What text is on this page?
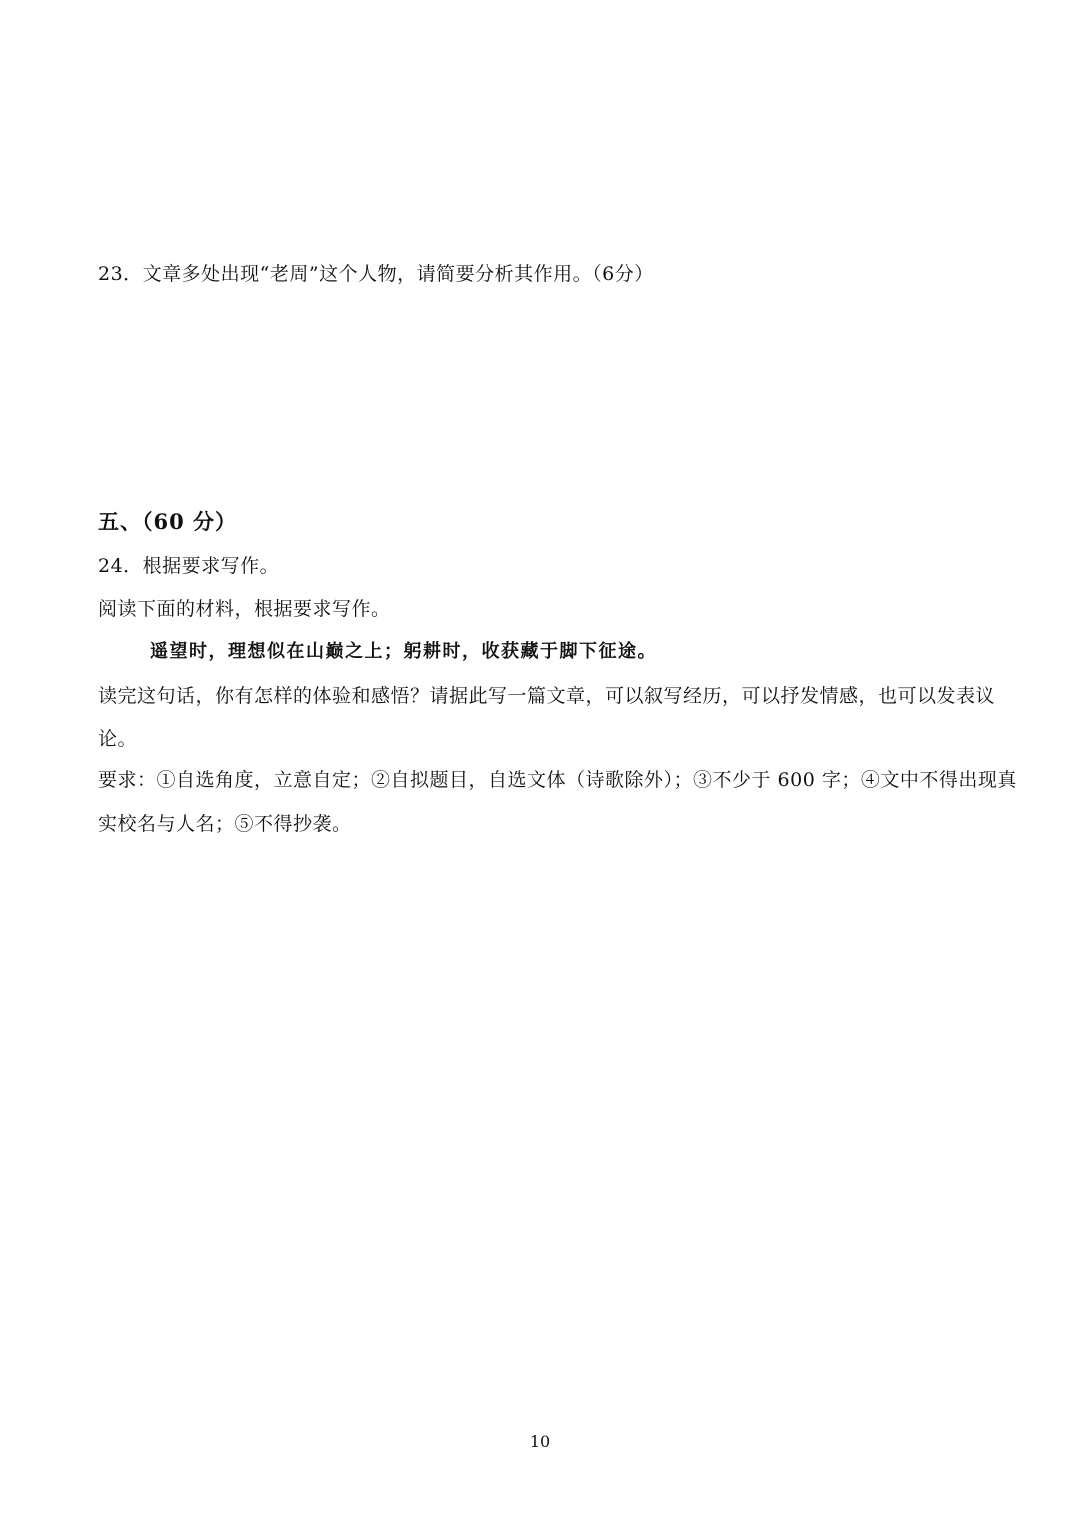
23．文章多处出现“老周”这个人物，请简要分析其作用。（6分）
五、（60 分）
24．根据要求写作。
阅读下面的材料，根据要求写作。
遥望时，理想似在山巅之上；躬耕时，收获藏于脚下征途。
读完这句话，你有怎样的体验和感悟？请据此写一篇文章，可以叙写经历，可以抒发情感，也可以发表议
论。
要求：①自选角度，立意自定；②自拟题目，自选文体（诗歌除外）；③不少于 600 字；④文中不得出现真
实校名与人名；⑤不得抄袭。
10
